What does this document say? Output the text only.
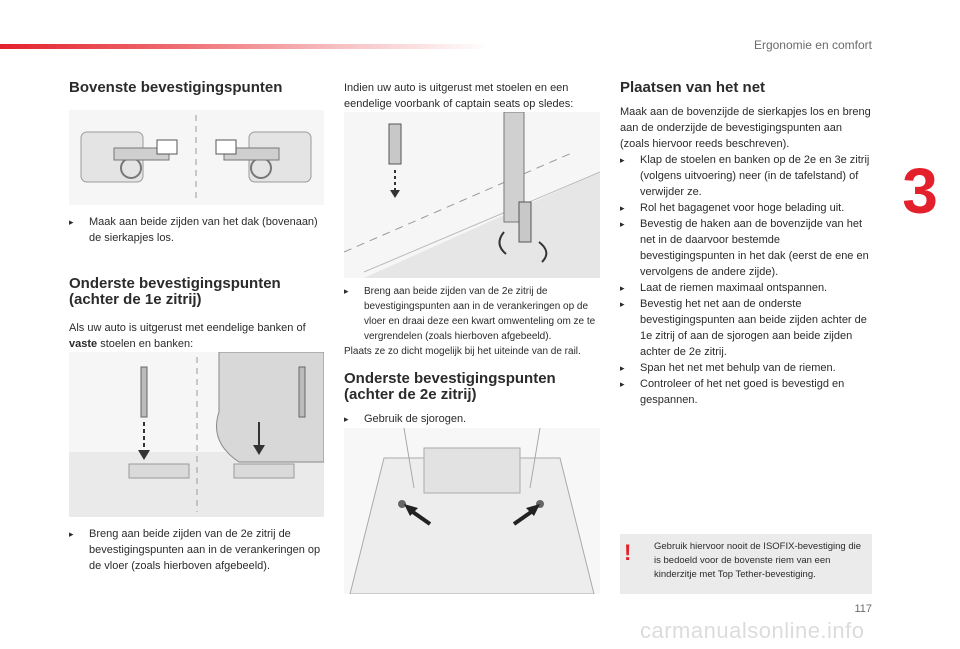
Ergonomie en comfort
3
Bovenste bevestigingspunten
▸	Maak aan beide zijden van het dak (bovenaan) de sierkapjes los.
Onderste bevestigingspunten
(achter de 1e zitrij)

Als uw auto is uitgerust met eendelige banken of vaste stoelen en banken:

▸	Breng aan beide zijden van de 2e zitrij de bevestigingspunten aan in de verankeringen op de vloer (zoals hierboven afgebeeld).

Indien uw auto is uitgerust met stoelen en een eendelige voorbank of captain seats op sledes:

▸	Breng aan beide zijden van de 2e zitrij de bevestigingspunten aan in de verankeringen op de vloer en draai deze een kwart omwenteling om ze te vergrendelen (zoals hierboven afgebeeld).

Plaats ze zo dicht mogelijk bij het uiteinde van de rail.

Onderste bevestigingspunten
(achter de 2e zitrij)
▸	Gebruik de sjorogen.
Plaatsen van het net

Maak aan de bovenzijde de sierkapjes los en breng aan de onderzijde de bevestigingspunten aan (zoals hiervoor reeds beschreven).

▸	Klap de stoelen en banken op de 2e en 3e zitrij (volgens uitvoering) neer (in de tafelstand) of verwijder ze.
▸	Rol het bagagenet voor hoge belading uit.
▸	Bevestig de haken aan de bovenzijde van het net in de daarvoor bestemde bevestigingspunten in het dak (eerst de ene en vervolgens de andere zijde).
▸	Laat de riemen maximaal ontspannen.
▸	Bevestig het net aan de onderste bevestigingspunten aan beide zijden achter de 1e zitrij of aan de sjorogen aan beide zijden achter de 2e zitrij.
▸	Span het net met behulp van de riemen.
▸	Controleer of het net goed is bevestigd en gespannen.
! Gebruik hiervoor nooit de ISOFIX-bevestiging die is bedoeld voor de bovenste riem van een kinderzitje met Top Tether-bevestiging.
117
carmanualsonline.info
